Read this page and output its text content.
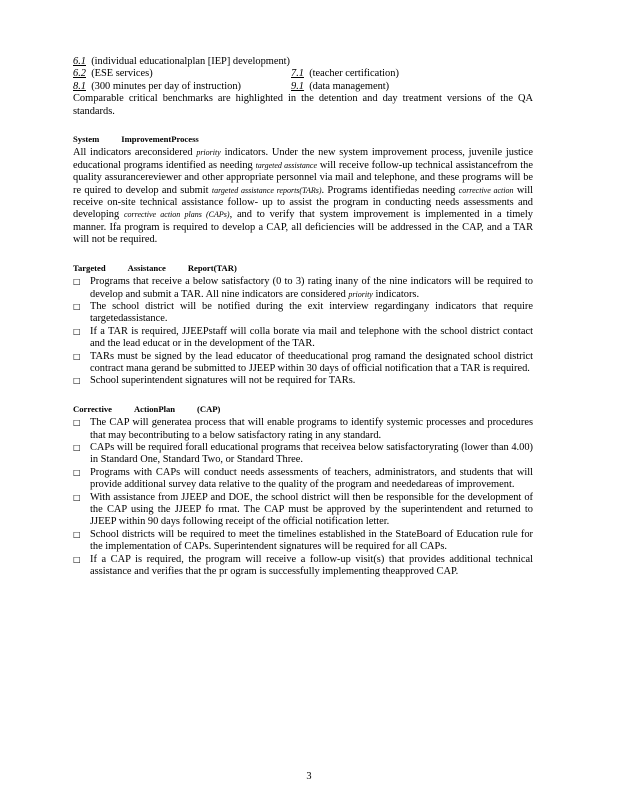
6.1 (individual educationalplan [IEP] development)
6.2 (ESE services)	7.1 (teacher certification)
8.1 (300 minutes per day of instruction)	9.1 (data management)

Comparable critical benchmarks are highlighted in the detention and day treatment versions of the QA standards.

System	ImprovementProcess

All indicators areconsidered priority indicators. Under the new system improvement process, juvenile justice educational programs identified as needing targeted assistance will receive follow-up technical assistancefrom the quality assurancereviewer and other appropriate personnel via mail and telephone, and these programs will be re quired to develop and submit targeted assistance reports(TARs). Programs identifiedas needing corrective action will receive on-site technical assistance follow- up to assist the program in conducting needs assessments and developing corrective action plans (CAPs), and to verify that system improvement is implemented in a timely manner. Ifa program is required to develop a CAP, all deficiencies will be addressed in the CAP, and a TAR will not be required.

Targeted	Assistance	Report(TAR)
□ Programs that receive a below satisfactory (0 to 3) rating inany of the nine indicators will be required to develop and submit a TAR. All nine indicators are considered priority indicators.
□ The school district will be notified during the exit interview regardingany indicators that require targetedassistance.
□ If a TAR is required, JJEEPstaff will colla borate via mail and telephone with the school district contact and the lead educat or in the development of the TAR.
□ TARs must be signed by the lead educator of theeducational prog ramand the designated school district contract mana gerand be submitted to JJEEP within 30 days of official notification that a TAR is required.
□ School superintendent signatures will not be required for TARs.
Corrective	ActionPlan	(CAP)
□ The CAP will generatea process that will enable programs to identify systemic processes and procedures that may becontributing to a below satisfactory rating in any standard.
□ CAPs will be required forall educational programs that receivea below satisfactoryrating (lower than 4.00) in Standard One, Standard Two, or Standard Three.
□ Programs with CAPs will conduct needs assessments of teachers, administrators, and students that will provide additional survey data relative to the quality of the program and neededareas of improvement.
□ With assistance from JJEEP and DOE, the school district will then be responsible for the development of the CAP using the JJEEP fo rmat. The CAP must be approved by the superintendent and returned to JJEEP within 90 days following receipt of the official notification letter.
□ School districts will be required to meet the timelines established in the StateBoard of Education rule for the implementation of CAPs. Superintendent signatures will be required for all CAPs.
□ If a CAP is required, the program will receive a follow-up visit(s) that provides additional technical assistance and verifies that the pr ogram is successfully implementing theapproved CAP.
3
